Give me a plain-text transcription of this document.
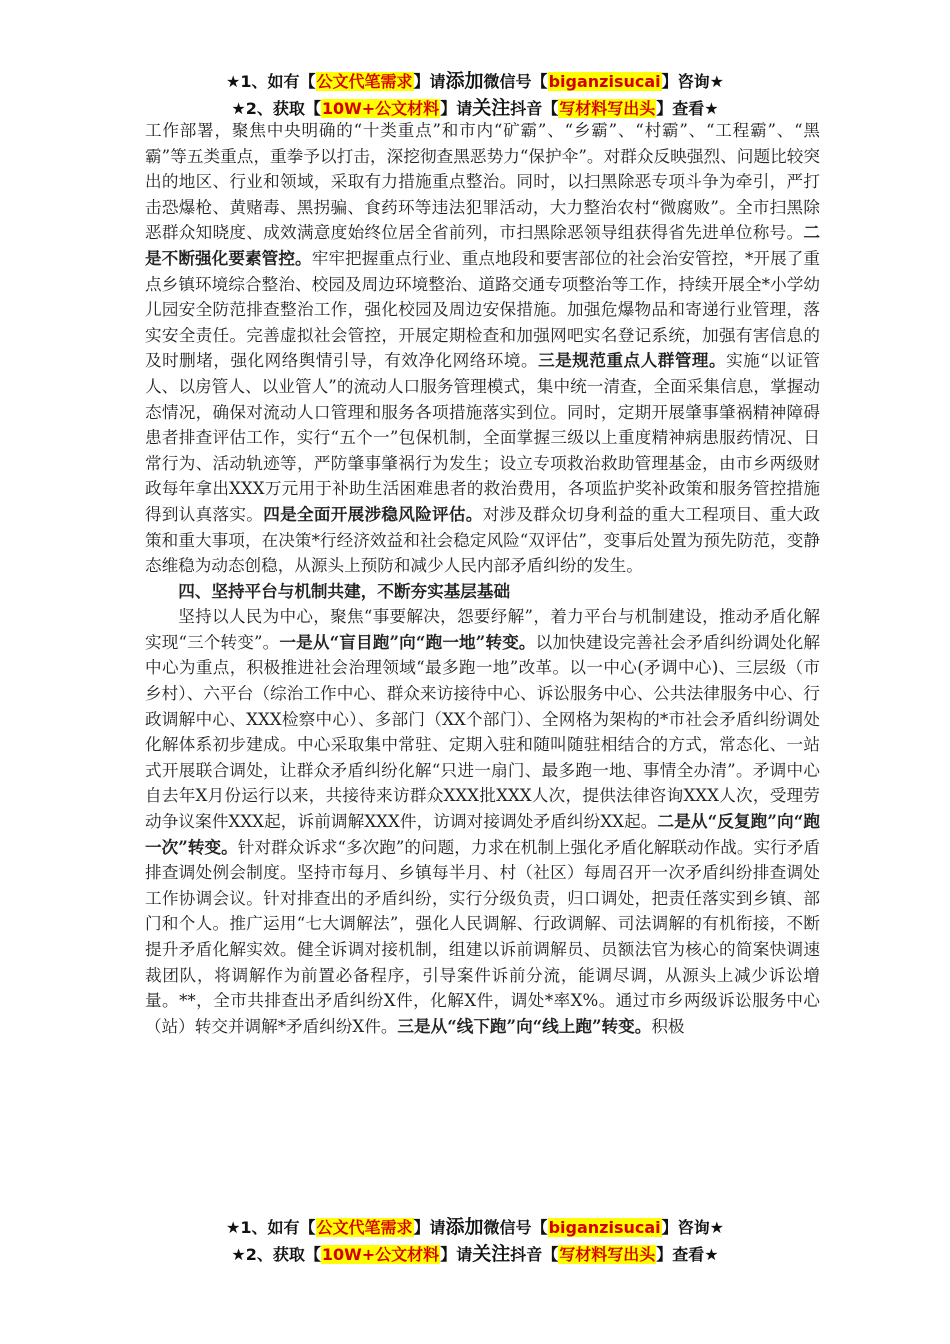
★1、如有【公文代笔需求】请添加微信号【biganzisucai】咨询★
★2、获取【10W+公文材料】请关注抖音【写材料写出头】查看★

工作部署，聚焦中央明确的“十类重点”和市内“矿霸”、“乡霸”、“村霸”、“工程霸”、“黑霸”等五类重点，重拳予以打击，深挖彻查黑恶势力“保护伞”。对群众反映强烈、问题比较突出的地区、行业和领域，采取有力措施重点整治。同时，以扫黑除恶专项斗争为牵引，严打击恐爆枪、黄赌毒、黑拐骗、食药环等违法犯罪活动，大力整治农村“微腐败”。全市扫黑除恶群众知晓度、成效满意度始终位居全省前列，市扫黑除恶领导组获得省先进单位称号。二是不断强化要素管控。牢牢把握重点行业、重点地段和要害部位的社会治安管控，*开展了重点乡镇环境综合整治、校园及周边环境整治、道路交通专项整治等工作，持续开展全*小学幼儿园安全防范排查整治工作，强化校园及周边安保措施。加强危爆物品和寄递行业管理，落实安全责任。完善虚拟社会管控，开展定期检查和加强网吧实名登记系统，加强有害信息的及时删堵，强化网络舆情引导，有效净化网络环境。三是规范重点人群管理。实施“以证管人、以房管人、以业管人”的流动人口服务管理模式，集中统一清查，全面采集信息，掌握动态情况，确保对流动人口管理和服务各项措施落实到位。同时，定期开展肇事肇祸精神障碍患者排查评估工作，实行“五个一”包保机制，全面掌握三级以上重度精神病患服药情况、日常行为、活动轨迹等，严防肇事肇祸行为发生；设立专项救治救助管理基金，由市乡两级财政每年拿出XXX万元用于补助生活困难患者的救治费用，各项监护奖补政策和服务管控措施得到认真落实。四是全面开展涉稳风险评估。对涉及群众切身利益的重大工程项目、重大政策和重大事项，在决策*行经济效益和社会稳定风险“双评估”，变事后处置为预先防范，变静态维稳为动态创稳，从源头上预防和减少人民内部矛盾纠纷的发生。

四、坚持平台与机制共建，不断夯实基层基础

坚持以人民为中心，聚焦“事要解决，怨要纾解”，着力平台与机制建设，推动矛盾化解实现“三个转变”。一是从“盲目跑”向“跑一地”转变。以加快建设完善社会矛盾纠纷调处化解中心为重点，积极推进社会治理领域“最多跑一地”改革。以一中心(矛调中心)、三层级（市乡村）、六平台（综治工作中心、群众来访接待中心、诉讼服务中心、公共法律服务中心、行政调解中心、XXX检察中心）、多部门（XX个部门）、全网格为架构的*市社会矛盾纠纷调处化解体系初步建成。中心采取集中常驻、定期入驻和随叫随驻相结合的方式，常态化、一站式开展联合调处，让群众矛盾纠纷化解“只进一扇门、最多跑一地、事情全办清”。矛调中心自去年X月份运行以来，共接待来访群众XXX批XXX人次，提供法律咨询XXX人次，受理劳动争议案件XXX起，诉前调解XXX件，访调对接调处矛盾纠纷XX起。二是从“反复跑”向“跑一次”转变。针对群众诉求“多次跑”的问题，力求在机制上强化矛盾化解联动作战。实行矛盾排查调处例会制度。坚持市每月、乡镇每半月、村（社区）每周召开一次矛盾纠纷排查调处工作协调会议。针对排查出的矛盾纠纷，实行分级负责，归口调处，把责任落实到乡镇、部门和个人。推广运用“七大调解法”，强化人民调解、行政调解、司法调解的有机衔接，不断提升矛盾化解实效。健全诉调对接机制，组建以诉前调解员、员额法官为核心的简案快调速裁团队，将调解作为前置必备程序，引导案件诉前分流，能调尽调，从源头上减少诉讼增量。**，全市共排查出矛盾纠纷X件，化解X件，调处*率X%。通过市乡两级诉讼服务中心（站）转交并调解*矛盾纠纷X件。三是从“线下跑”向“线上跑”转变。积极

★1、如有【公文代笔需求】请添加微信号【biganzisucai】咨询★
★2、获取【10W+公文材料】请关注抖音【写材料写出头】查看★
